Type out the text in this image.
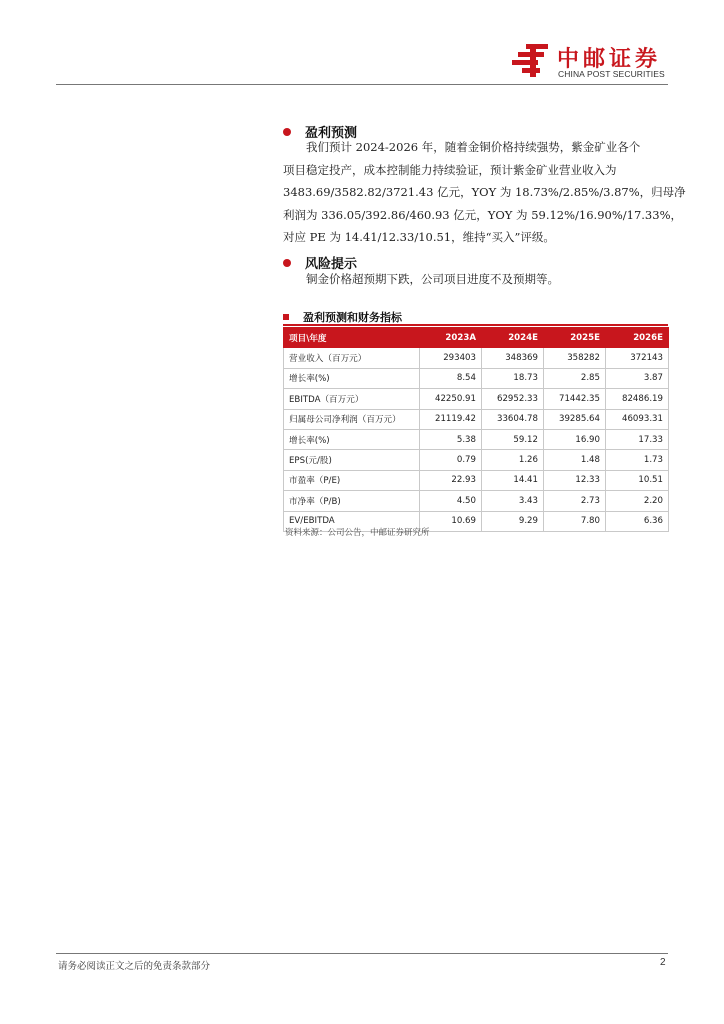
中邮证券
CHINA POST SECURITIES
盈利预测
我们预计 2024-2026 年，随着金铜价格持续强势，紫金矿业各个
项目稳定投产，成本控制能力持续验证，预计紫金矿业营业收入为
3483.69/3582.82/3721.43 亿元，YOY 为 18.73%/2.85%/3.87%，归母净
利润为 336.05/392.86/460.93 亿元，YOY 为 59.12%/16.90%/17.33%，
对应 PE 为 14.41/12.33/10.51，维持“买入”评级。
风险提示
铜金价格超预期下跌，公司项目进度不及预期等。
盈利预测和财务指标
项目\年度	2023A	2024E	2025E	2026E
营业收入（百万元）	293403	348369	358282	372143
增长率(%)	8.54	18.73	2.85	3.87
EBITDA（百万元）	42250.91	62952.33	71442.35	82486.19
归属母公司净利润（百万元）	21119.42	33604.78	39285.64	46093.31
增长率(%)	5.38	59.12	16.90	17.33
EPS(元/股)	0.79	1.26	1.48	1.73
市盈率（P/E)	22.93	14.41	12.33	10.51
市净率（P/B)	4.50	3.43	2.73	2.20
EV/EBITDA	10.69	9.29	7.80	6.36
资料来源：公司公告，中邮证券研究所
请务必阅读正文之后的免责条款部分	2
